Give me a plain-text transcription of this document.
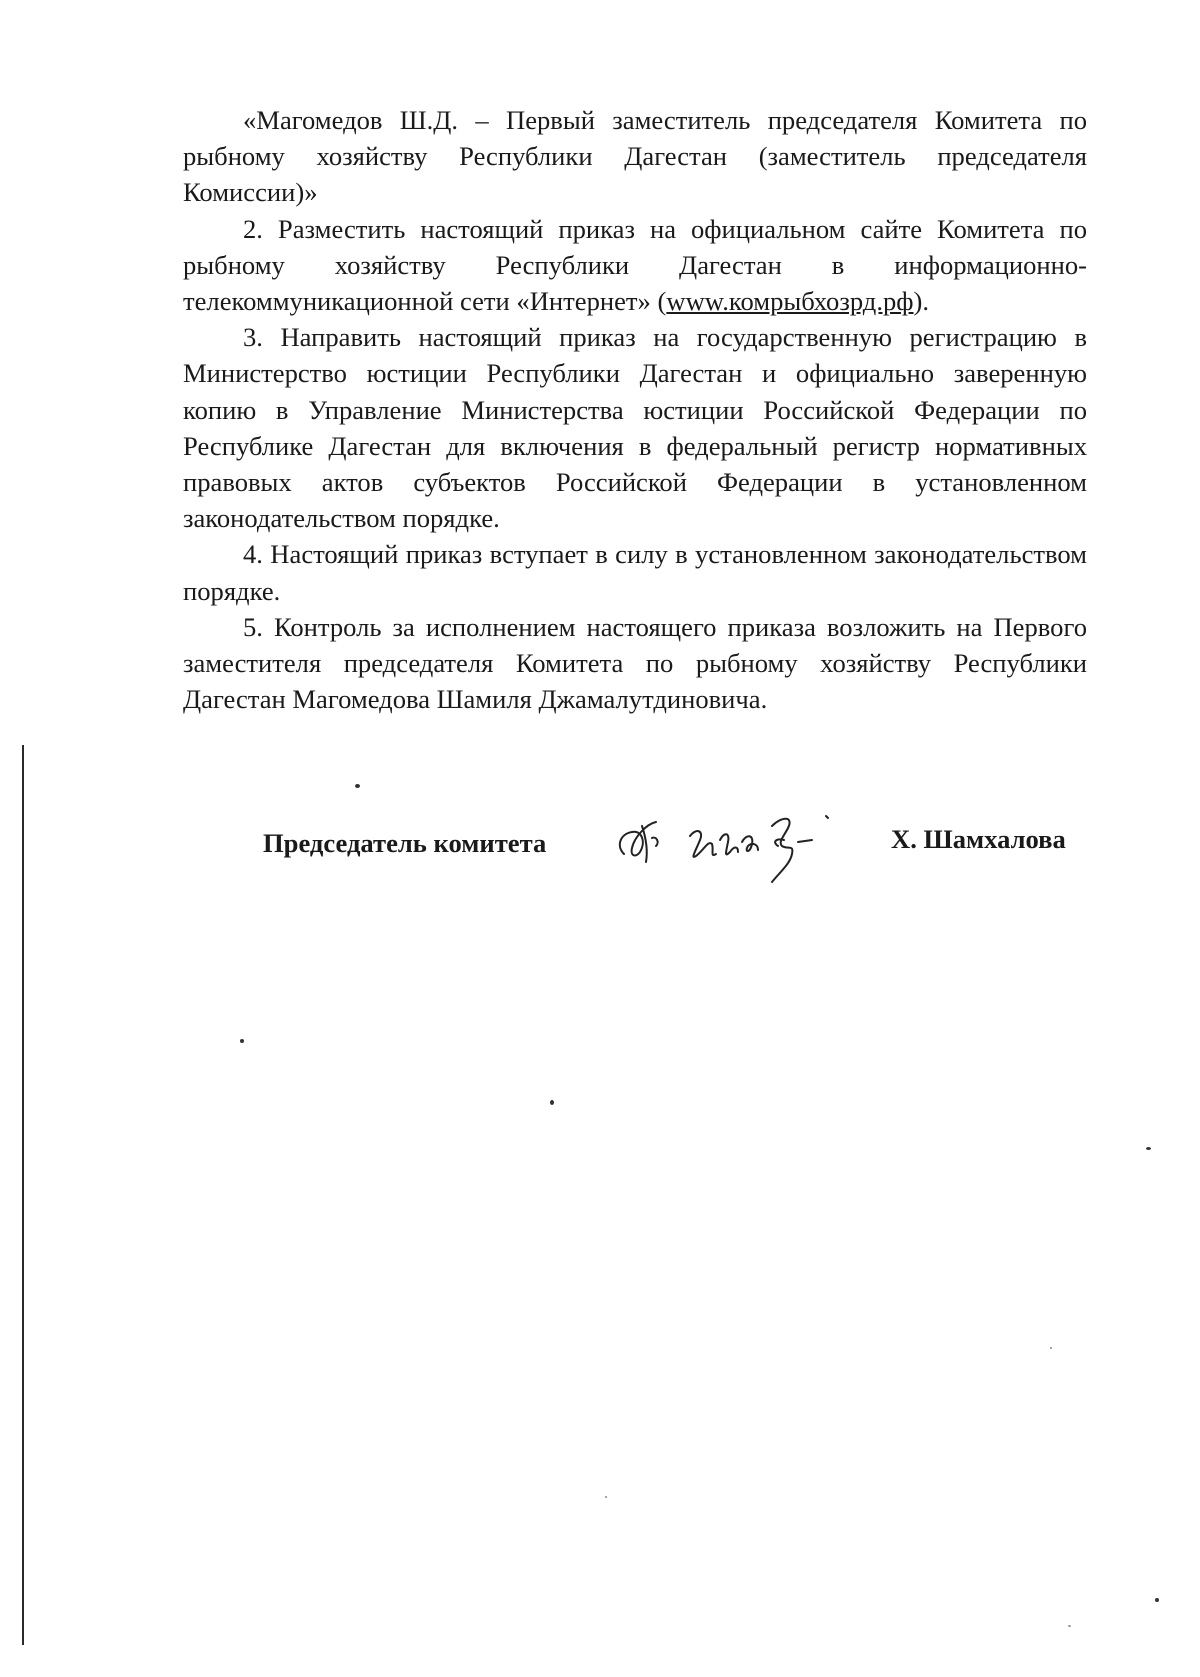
«Магомедов Ш.Д. – Первый заместитель председателя Комитета по рыбному хозяйству Республики Дагестан (заместитель председателя Комиссии)»

2. Разместить настоящий приказ на официальном сайте Комитета по рыбному хозяйству Республики Дагестан в информационно-телекоммуникационной сети «Интернет» (www.комрыбхозрд.рф).

3. Направить настоящий приказ на государственную регистрацию в Министерство юстиции Республики Дагестан и официально заверенную копию в Управление Министерства юстиции Российской Федерации по Республике Дагестан для включения в федеральный регистр нормативных правовых актов субъектов Российской Федерации в установленном законодательством порядке.

4. Настоящий приказ вступает в силу в установленном законодательством порядке.

5. Контроль за исполнением настоящего приказа возложить на Первого заместителя председателя Комитета по рыбному хозяйству Республики Дагестан Магомедова Шамиля Джамалутдиновича.

Председатель комитета	Х. Шамхалова
